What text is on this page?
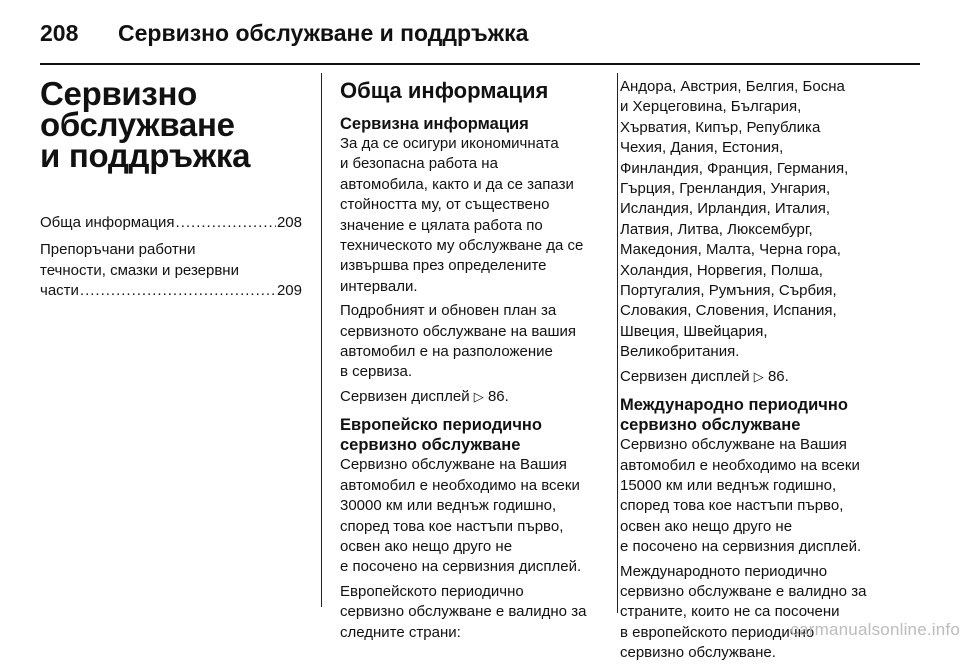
208	Сервизно обслужване и поддръжка
Сервизно
обслужване
и поддръжка
Обща информация .....	208
Препоръчани работни
течности, смазки и резервни
части .....	209
Обща информация
Сервизна информация

За да се осигури икономичната
и безопасна работа на
автомобила, както и да се запази
стойността му, от съществено
значение е цялата работа по
техническото му обслужване да се
извършва през определените
интервали.

Подробният и обновен план за
сервизното обслужване на вашия
автомобил е на разположение
в сервиза.

Сервизен дисплей ▷ 86.

Европейско периодично
сервизно обслужване

Сервизно обслужване на Вашия
автомобил е необходимо на всеки
30000 км или веднъж годишно,
според това кое настъпи първо,
освен ако нещо друго не
е посочено на сервизния дисплей.

Европейското периодично
сервизно обслужване е валидно за
следните страни:

Андора, Австрия, Белгия, Босна
и Херцеговина, България,
Хърватия, Кипър, Република
Чехия, Дания, Естония,
Финландия, Франция, Германия,
Гърция, Гренландия, Унгария,
Исландия, Ирландия, Италия,
Латвия, Литва, Люксембург,
Македония, Малта, Черна гора,
Холандия, Норвегия, Полша,
Португалия, Румъния, Сърбия,
Словакия, Словения, Испания,
Швеция, Швейцария,
Великобритания.

Сервизен дисплей ▷ 86.

Международно периодично
сервизно обслужване

Сервизно обслужване на Вашия
автомобил е необходимо на всеки
15000 км или веднъж годишно,
според това кое настъпи първо,
освен ако нещо друго не
е посочено на сервизния дисплей.

Международното периодично
сервизно обслужване е валидно за
страните, които не са посочени
в европейското периодично
сервизно обслужване.

carmanualsonline.info
